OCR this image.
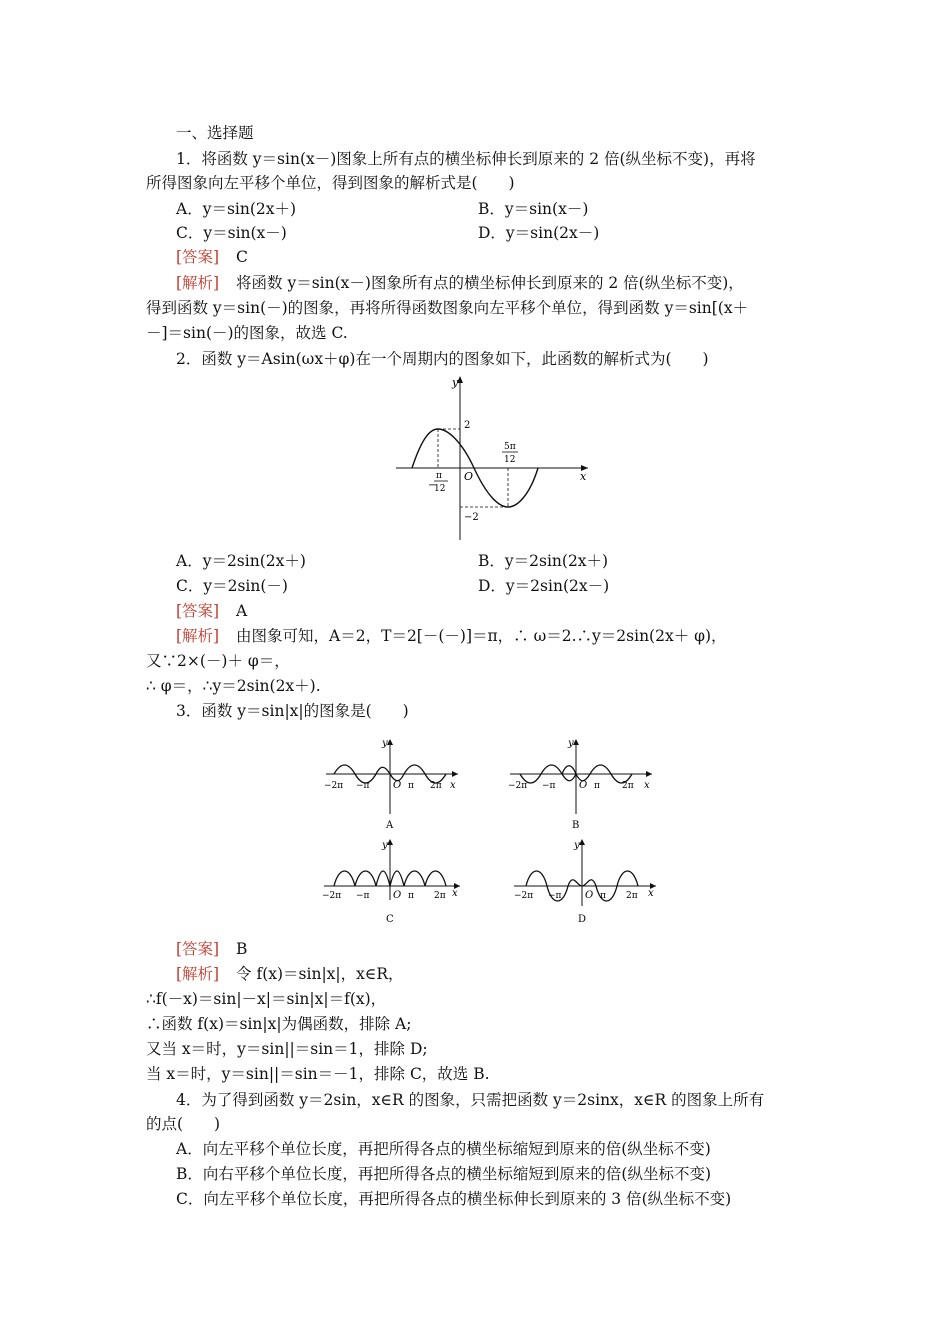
一、选择题
1．将函数 y＝sin(x－)图象上所有点的横坐标伸长到原来的 2 倍(纵坐标不变)，再将
所得图象向左平移个单位，得到图象的解析式是(　　)
A．y＝sin(2x＋)	B．y＝sin(x－)
C．y＝sin(x－)	D．y＝sin(2x－)
[答案] C
[解析] 将函数 y＝sin(x－)图象所有点的横坐标伸长到原来的 2 倍(纵坐标不变)，
得到函数 y＝sin(－)的图象，再将所得函数图象向左平移个单位，得到函数 y＝sin[(x＋
－]＝sin(－)的图象，故选 C.
2．函数 y＝Asin(ωx＋φ)在一个周期内的图象如下，此函数的解析式为(　　)
y
x
O
2
−2
−
π
12
5π
12
A．y＝2sin(2x＋)	B．y＝2sin(2x＋)
C．y＝2sin(－)	D．y＝2sin(2x－)
[答案] A
[解析] 由图象可知，A＝2，T＝2[－(－)]＝π，∴ ω＝2.∴y＝2sin(2x＋ φ)，
又∵2×(－)＋ φ＝，
∴ φ＝，∴y＝2sin(2x＋).
3．函数 y＝sin|x|的图象是(　　)
y
x
O
−2π −π	π 2π
A
y
x
O
−2π −π	π 2π
B
y
x
O
−2π −π	π 2π
C
y
x
O
−2π −π	π 2π
D
[答案] B
[解析] 令 f(x)＝sin|x|，x∈R，
∴f(－x)＝sin|－x|＝sin|x|＝f(x)，
∴函数 f(x)＝sin|x|为偶函数，排除 A;
又当 x＝时，y＝sin||＝sin＝1，排除 D;
当 x＝时，y＝sin||＝sin＝－1，排除 C，故选 B.
4．为了得到函数 y＝2sin，x∈R 的图象，只需把函数 y＝2sinx，x∈R 的图象上所有
的点(　　)
A．向左平移个单位长度，再把所得各点的横坐标缩短到原来的倍(纵坐标不变)
B．向右平移个单位长度，再把所得各点的横坐标缩短到原来的倍(纵坐标不变)
C．向左平移个单位长度，再把所得各点的横坐标伸长到原来的 3 倍(纵坐标不变)
